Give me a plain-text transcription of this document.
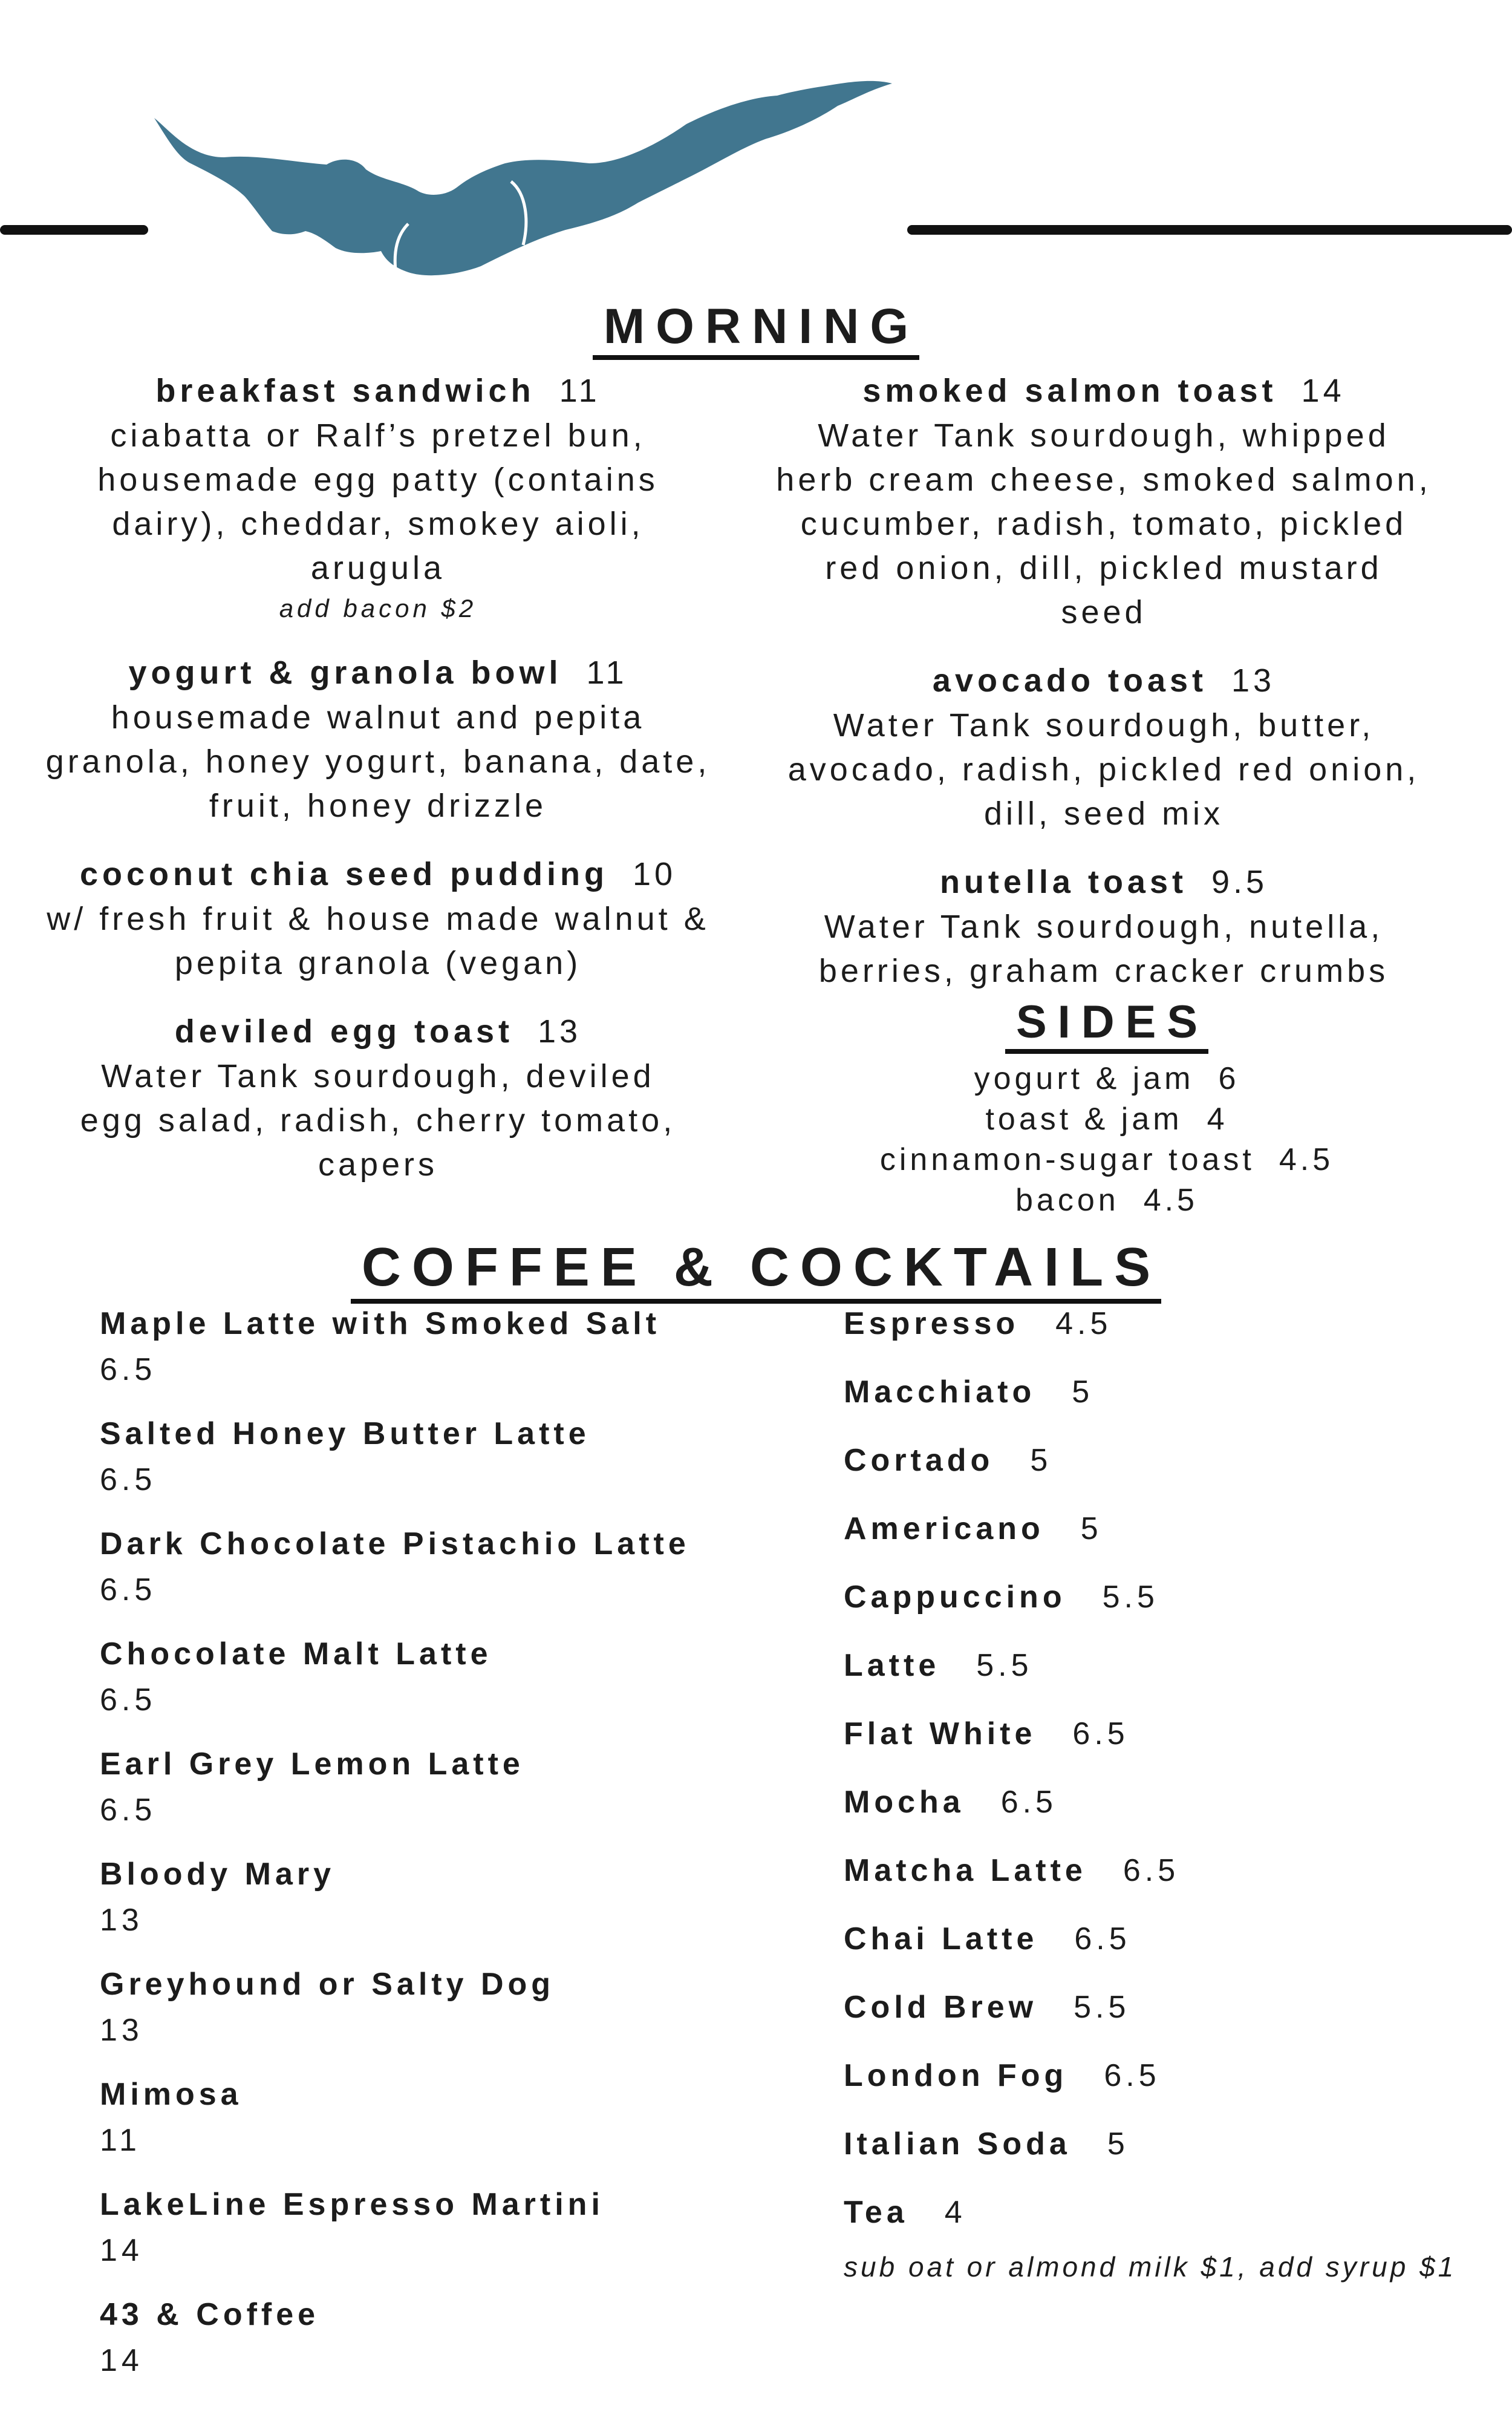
MORNING
breakfast sandwich 11
ciabatta or Ralf’s pretzel bun,
housemade egg patty (contains
dairy), cheddar, smokey aioli,
arugula
add bacon $2
yogurt & granola bowl 11
housemade walnut and pepita
granola, honey yogurt, banana, date,
fruit, honey drizzle
coconut chia seed pudding 10
w/ fresh fruit & house made walnut &
pepita granola (vegan)
deviled egg toast 13
Water Tank sourdough, deviled
egg salad, radish, cherry tomato,
capers
smoked salmon toast 14
Water Tank sourdough, whipped
herb cream cheese, smoked salmon,
cucumber, radish, tomato, pickled
red onion, dill, pickled mustard
seed
avocado toast 13
Water Tank sourdough, butter,
avocado, radish, pickled red onion,
dill, seed mix
nutella toast 9.5
Water Tank sourdough, nutella,
berries, graham cracker crumbs
SIDES
yogurt & jam 6
toast & jam 4
cinnamon-sugar toast 4.5
bacon 4.5
COFFEE & COCKTAILS
Maple Latte with Smoked Salt
6.5
Salted Honey Butter Latte
6.5
Dark Chocolate Pistachio Latte
6.5
Chocolate Malt Latte
6.5
Earl Grey Lemon Latte
6.5
Bloody Mary
13
Greyhound or Salty Dog
13
Mimosa
11
LakeLine Espresso Martini
14
43 & Coffee
14
Espresso 4.5
Macchiato 5
Cortado 5
Americano 5
Cappuccino 5.5
Latte 5.5
Flat White 6.5
Mocha 6.5
Matcha Latte 6.5
Chai Latte 6.5
Cold Brew 5.5
London Fog 6.5
Italian Soda 5
Tea 4
sub oat or almond milk $1, add syrup $1
